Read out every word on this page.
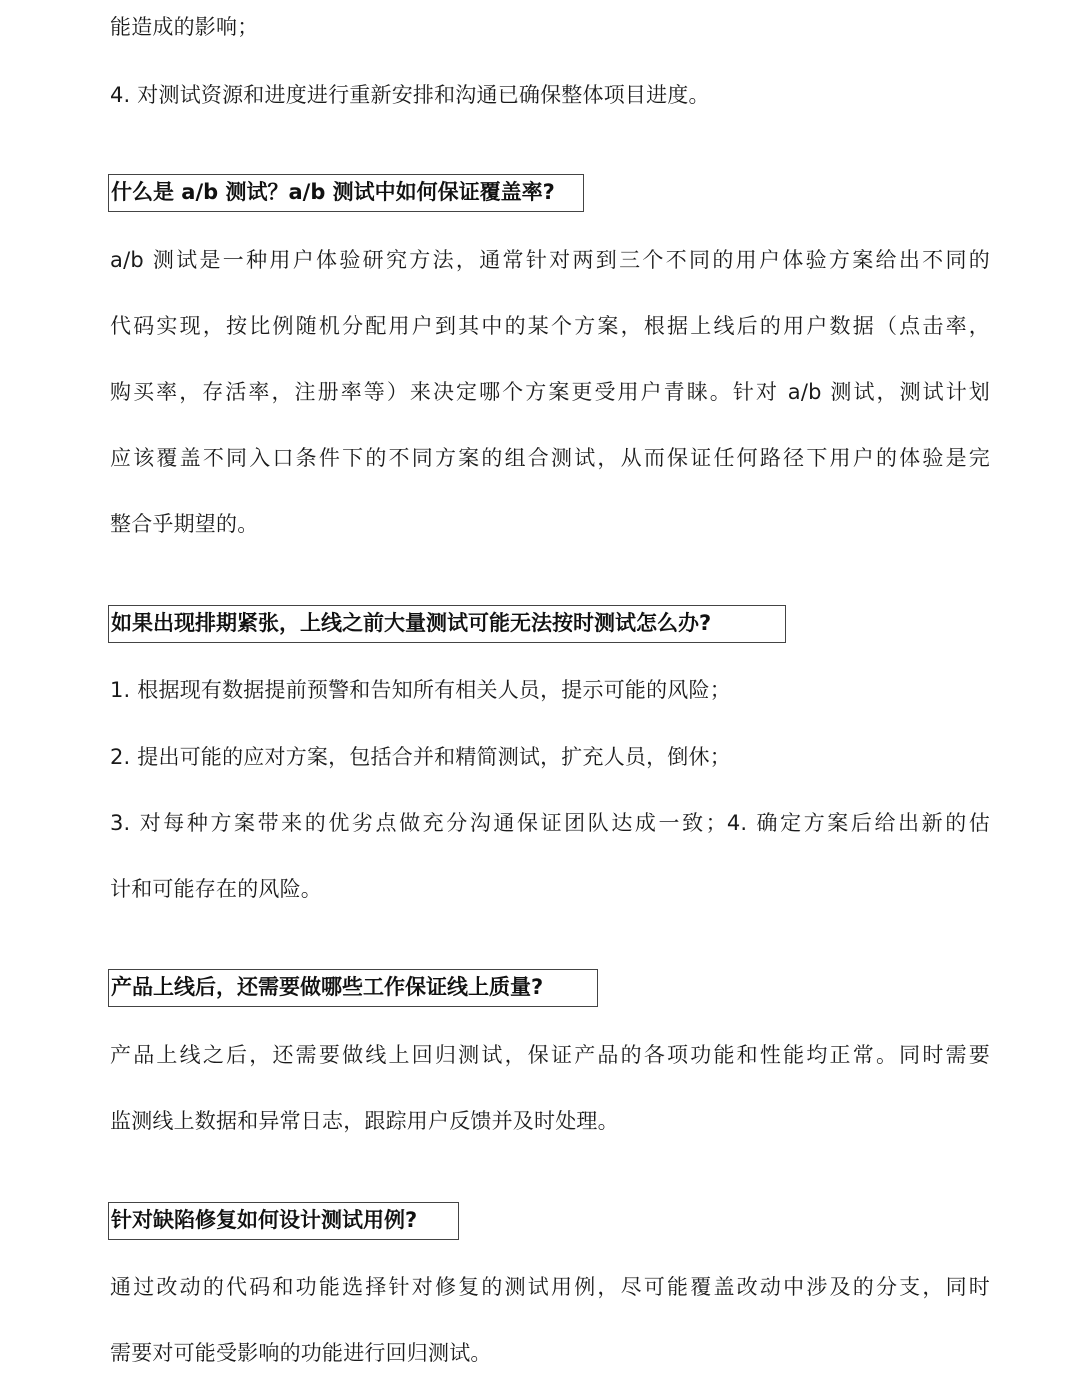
能造成的影响；
4. 对测试资源和进度进行重新安排和沟通已确保整体项目进度。
什么是 a/b 测试？a/b 测试中如何保证覆盖率?
a/b 测试是一种用户体验研究方法，通常针对两到三个不同的用户体验方案给出不同的
代码实现，按比例随机分配用户到其中的某个方案，根据上线后的用户数据（点击率，
购买率，存活率，注册率等）来决定哪个方案更受用户青睐。针对 a/b 测试，测试计划
应该覆盖不同入口条件下的不同方案的组合测试，从而保证任何路径下用户的体验是完
整合乎期望的。
如果出现排期紧张，上线之前大量测试可能无法按时测试怎么办?
1. 根据现有数据提前预警和告知所有相关人员，提示可能的风险；
2. 提出可能的应对方案，包括合并和精简测试，扩充人员，倒休；
3. 对每种方案带来的优劣点做充分沟通保证团队达成一致；4. 确定方案后给出新的估
计和可能存在的风险。
产品上线后，还需要做哪些工作保证线上质量?
产品上线之后，还需要做线上回归测试，保证产品的各项功能和性能均正常。同时需要
监测线上数据和异常日志，跟踪用户反馈并及时处理。
针对缺陷修复如何设计测试用例?
通过改动的代码和功能选择针对修复的测试用例，尽可能覆盖改动中涉及的分支，同时
需要对可能受影响的功能进行回归测试。
